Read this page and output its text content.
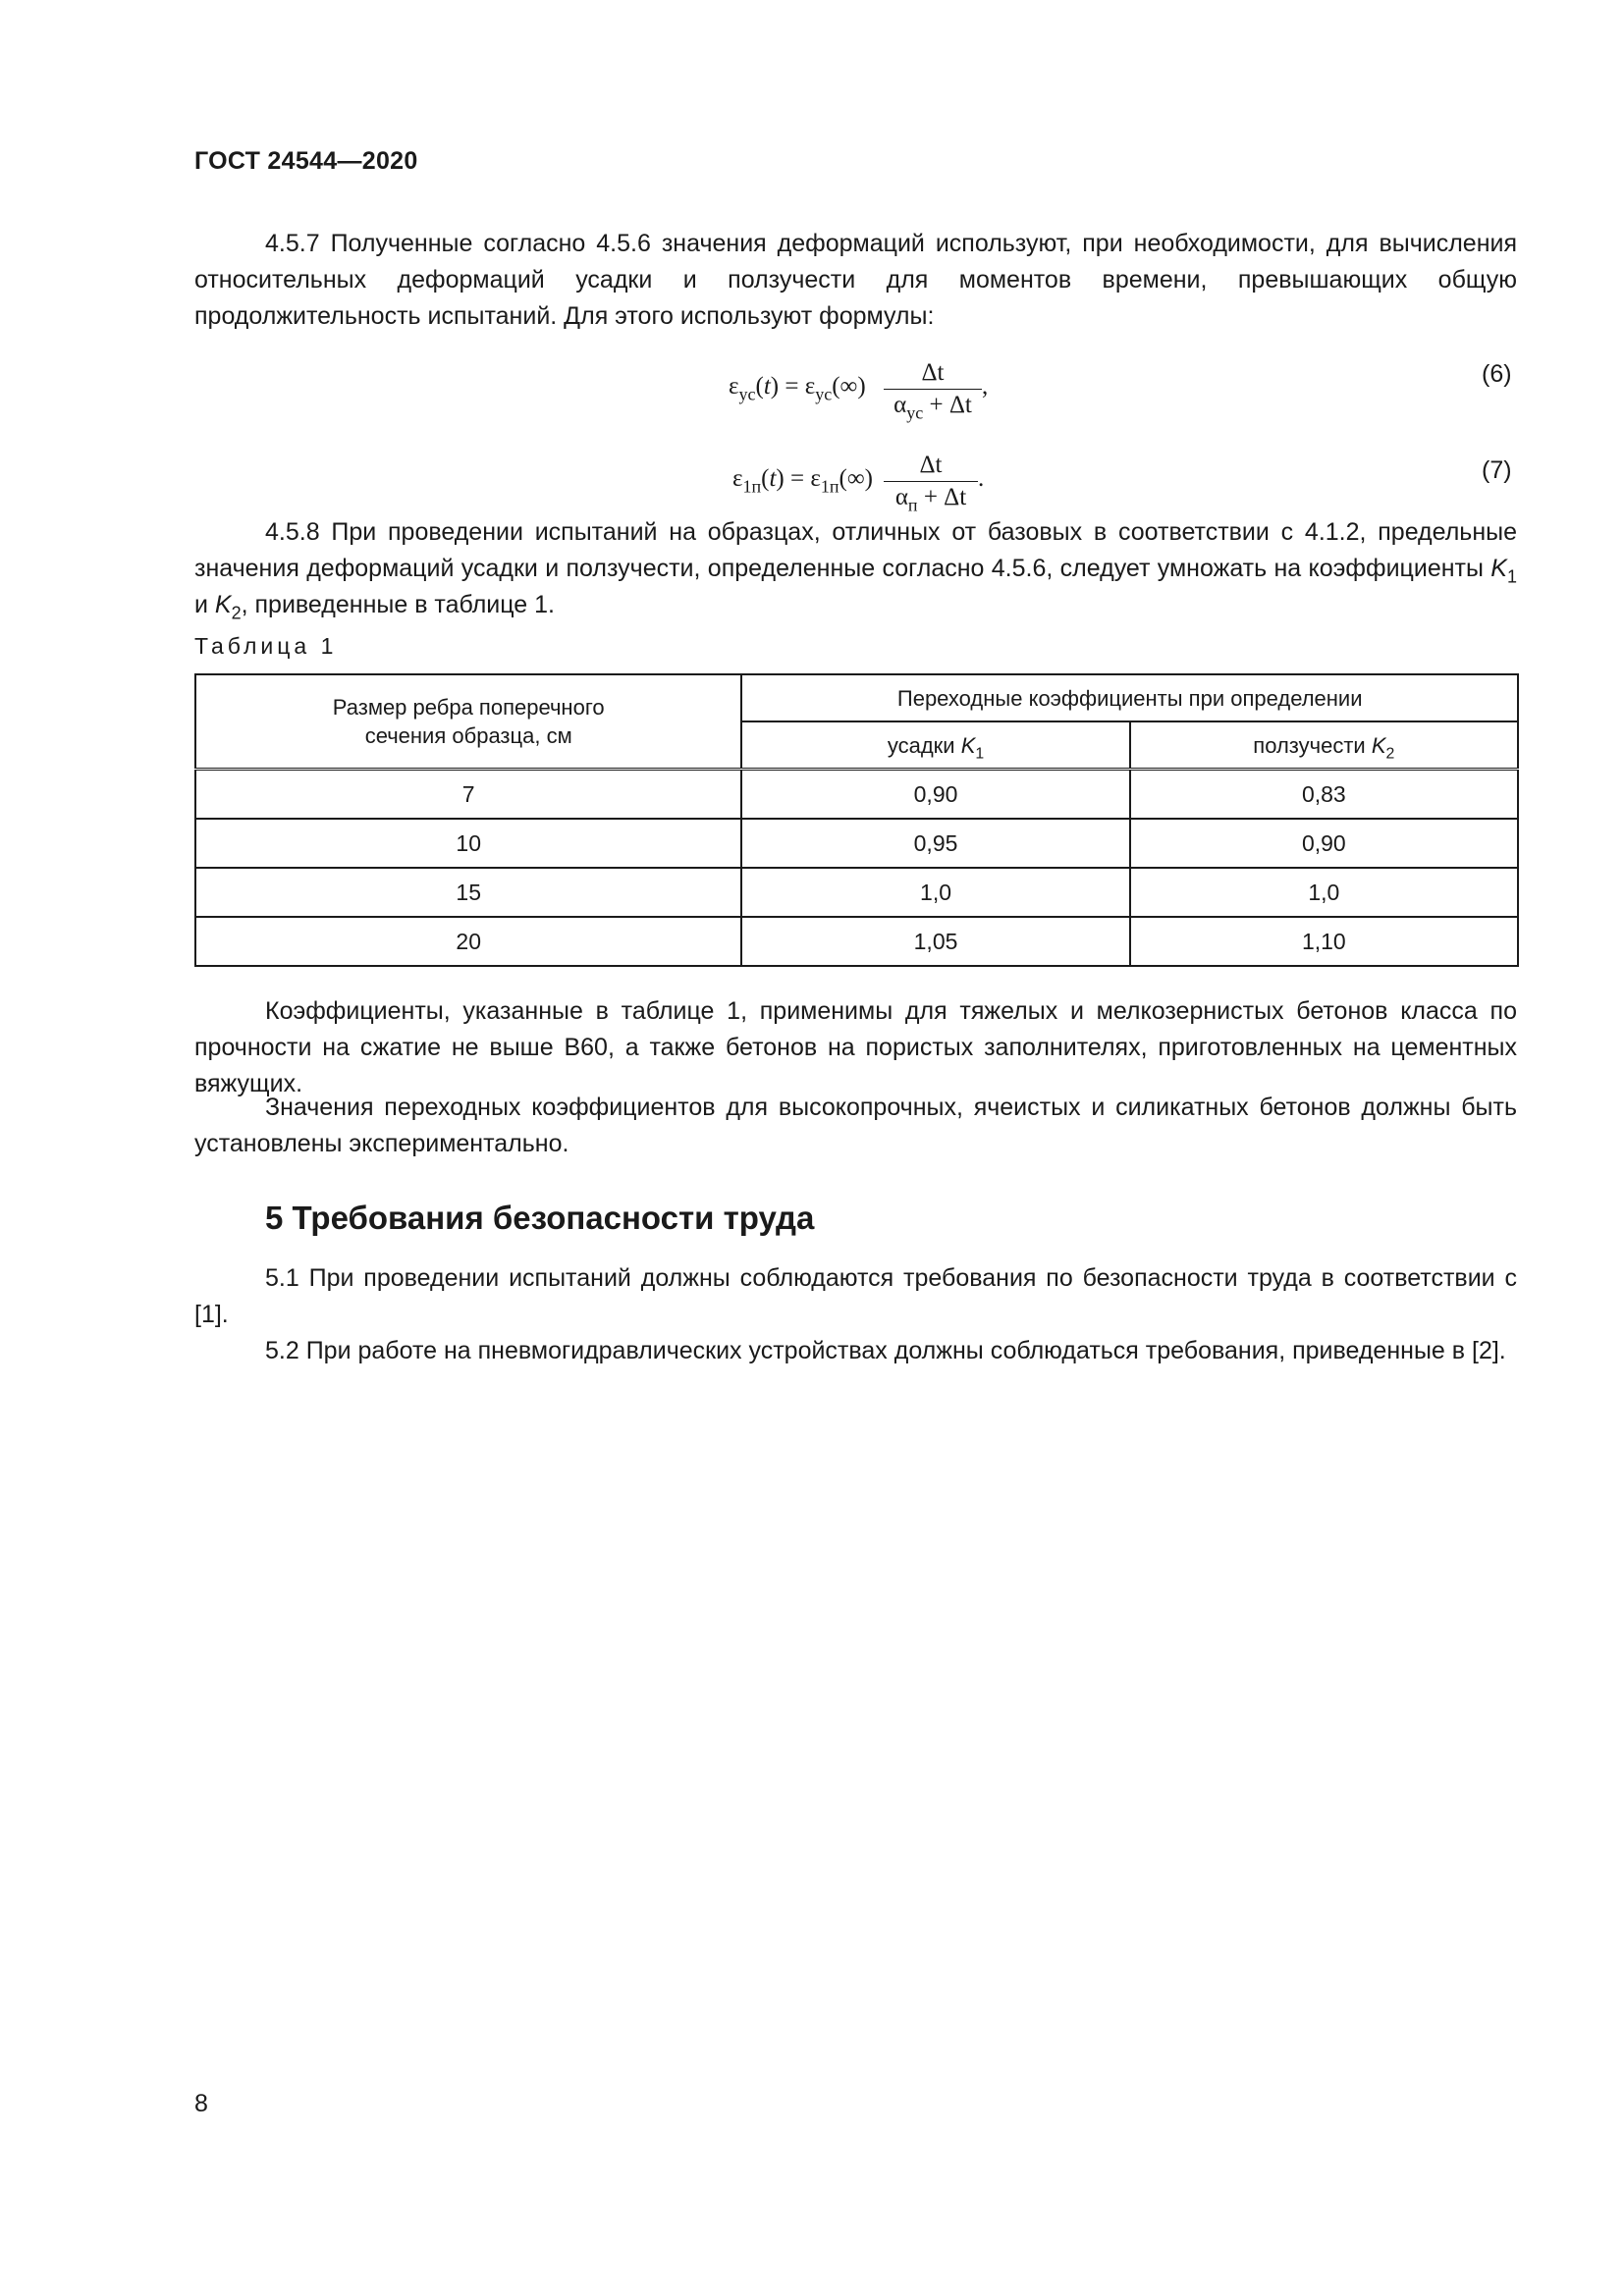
ГОСТ 24544—2020
4.5.7 Полученные согласно 4.5.6 значения деформаций используют, при необходимости, для вычисления относительных деформаций усадки и ползучести для моментов времени, превышающих общую продолжительность испытаний. Для этого используют формулы:
$\varepsilon_{ус}(t) = \varepsilon_{ус}(\infty)$
Δt
$\alpha_{ус} + \Delta t$
,	(6)
$\varepsilon_{1п}(t) = \varepsilon_{1п}(\infty)$
Δt
$\alpha_п + \Delta t$
.	(7)
4.5.8 При проведении испытаний на образцах, отличных от базовых в соответствии с 4.1.2, предельные значения деформаций усадки и ползучести, определенные согласно 4.5.6, следует умножать на коэффициенты $K_1$ и $K_2$, приведенные в таблице 1.
Таблица 1
Размер ребра поперечного сечения образца, см	Переходные коэффициенты при определении	
	усадки $K_1$	ползучести $K_2$
7	0,90	0,83
10	0,95	0,90
15	1,0	1,0
20	1,05	1,10
Коэффициенты, указанные в таблице 1, применимы для тяжелых и мелкозернистых бетонов класса по прочности на сжатие не выше В60, а также бетонов на пористых заполнителях, приготовленных на цементных вяжущих.
Значения переходных коэффициентов для высокопрочных, ячеистых и силикатных бетонов должны быть установлены экспериментально.
5 Требования безопасности труда
5.1 При проведении испытаний должны соблюдаются требования по безопасности труда в соответствии с [1].
5.2 При работе на пневмогидравлических устройствах должны соблюдаться требования, приведенные в [2].
8
